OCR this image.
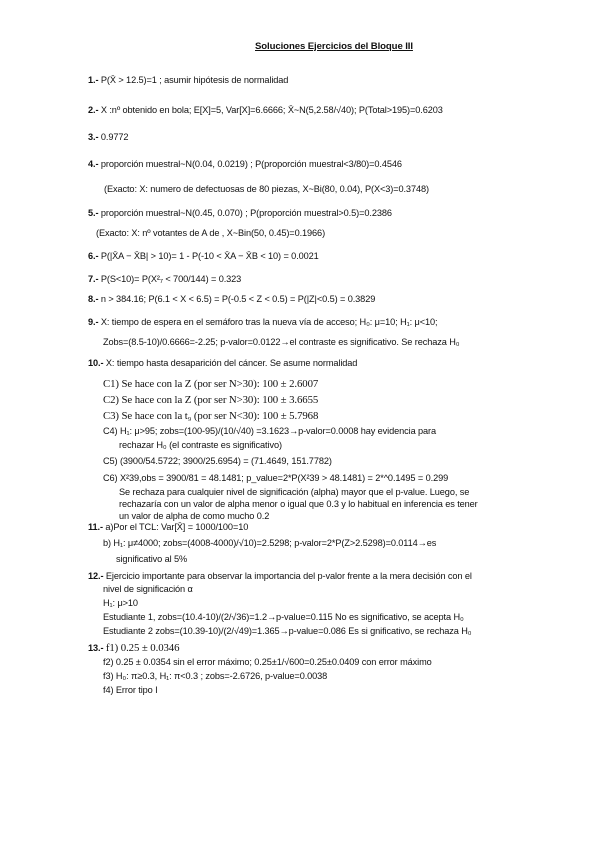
Soluciones Ejercicios del Bloque III
1.- P(X̄ > 12.5)=1 ; asumir hipótesis de normalidad
2.- X :nº obtenido en bola; E[X]=5, Var[X]=6.6666; X̄~N(5,2.58/√40); P(Total>195)=0.6203
3.- 0.9772
4.- proporción muestral~N(0.04, 0.0219) ; P(proporción muestral<3/80)=0.4546
(Exacto: X: numero de defectuosas de 80 piezas, X~Bi(80, 0.04), P(X<3)=0.3748)
5.- proporción muestral~N(0.45, 0.070) ; P(proporción muestral>0.5)=0.2386
(Exacto: X: nº votantes de A de , X~Bin(50, 0.45)=0.1966)
6.- P(|X̄A − X̄B| > 10)= 1 - P(-10 < X̄A − X̄B < 10) = 0.0021
7.- P(S<10)= P(X²₇ < 700/144) = 0.323
8.- n > 384.16; P(6.1 < X < 6.5) = P(-0.5 < Z < 0.5) = P(|Z|<0.5) = 0.3829
9.- X: tiempo de espera en el semáforo tras la nueva vía de acceso; H₀: μ=10; H₁: μ<10;
Zobs=(8.5-10)/0.6666=-2.25; p-valor=0.0122→el contraste es significativo. Se rechaza H₀
10.- X: tiempo hasta desaparición del cáncer. Se asume normalidad
C1) Se hace con la Z (por ser N>30): 100 ± 2.6007
C2) Se hace con la Z (por ser N>30): 100 ± 3.6655
C3) Se hace con la t₉ (por ser N<30): 100 ± 5.7968
C4) H₁: μ>95; zobs=(100-95)/(10/√40) =3.1623→p-valor=0.0008 hay evidencia para
rechazar H₀ (el contraste es significativo)
C5) (3900/54.5722; 3900/25.6954) = (71.4649, 151.7782)
C6) X²39,obs = 3900/81 = 48.1481; p_value=2*P(X²39 > 48.1481) = 2*^0.1495 = 0.299
Se rechaza para cualquier nivel de significación (alpha) mayor que el p-value. Luego, se
rechazaría con un valor de alpha menor o igual que 0.3 y lo habitual en inferencia es tener
un valor de alpha de como mucho 0.2
11.- a)Por el TCL: Var[X̄] = 1000/100=10
b) H₁: μ≠4000; zobs=(4008-4000)/√10)=2.5298; p-valor=2*P(Z>2.5298)=0.0114→es
significativo al 5%
12.- Ejercicio importante para observar la importancia del p-valor frente a la mera decisión con el
nivel de significación α
H₁: μ>10
Estudiante 1, zobs=(10.4-10)/(2/√36)=1.2→p-value=0.115 No es significativo, se acepta H₀
Estudiante 2 zobs=(10.39-10)/(2/√49)=1.365→p-value=0.086 Es si gnificativo, se rechaza H₀
13.- f1) 0.25 ± 0.0346
f2) 0.25 ± 0.0354 sin el error máximo; 0.25±1/√600=0.25±0.0409 con error máximo
f3) H₀: π≥0.3, H₁: π<0.3 ; zobs=-2.6726, p-value=0.0038
f4) Error tipo I
